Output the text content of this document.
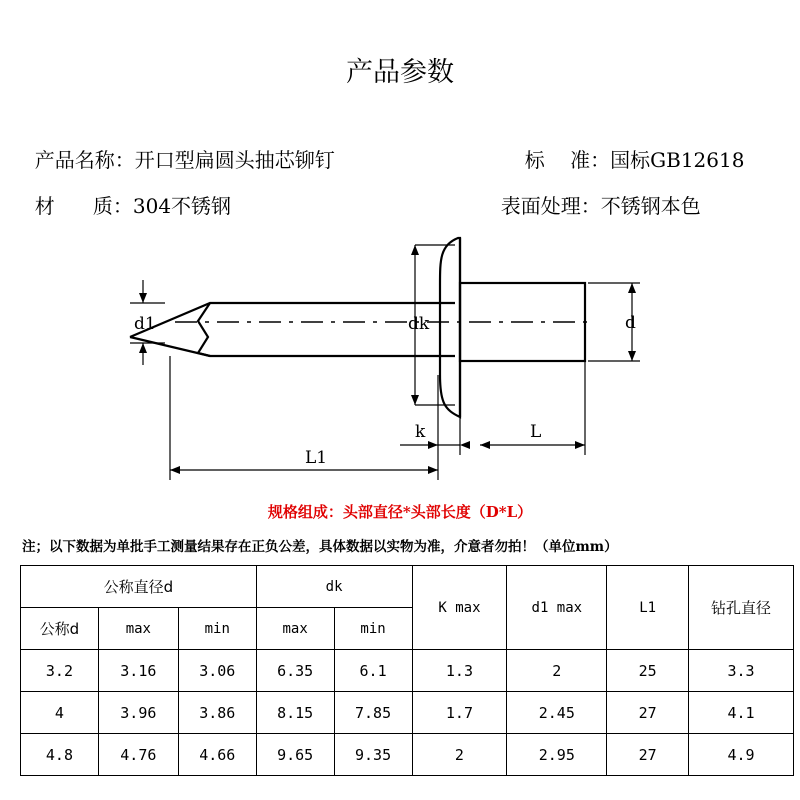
产品参数

产品名称：开口型扁圆头抽芯铆钉	标    准：国标GB12618

材      质：304不锈钢	表面处理：不锈钢本色

d1	dk	d
k	L
L1
规格组成：头部直径*头部长度（D*L）
注；以下数据为单批手工测量结果存在正负公差，具体数据以实物为准，介意者勿拍！（单位mm）
公称直径d			dk		K max	d1 max	L1	钻孔直径
公称d	max	min	max	min				
3.2	3.16	3.06	6.35	6.1	1.3	2	25	3.3
4	3.96	3.86	8.15	7.85	1.7	2.45	27	4.1
4.8	4.76	4.66	9.65	9.35	2	2.95	27	4.9
